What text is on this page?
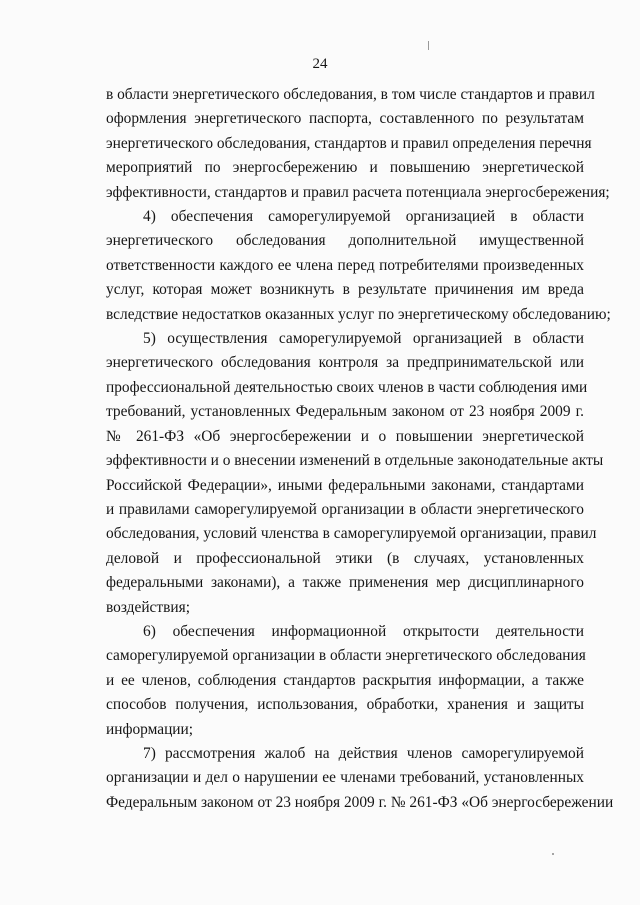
24

в области энергетического обследования, в том числе стандартов и правил
оформления энергетического паспорта, составленного по результатам
энергетического обследования, стандартов и правил определения перечня
мероприятий по энергосбережению и повышению энергетической
эффективности, стандартов и правил расчета потенциала энергосбережения;

4) обеспечения саморегулируемой организацией в области
энергетического обследования дополнительной имущественной
ответственности каждого ее члена перед потребителями произведенных
услуг, которая может возникнуть в результате причинения им вреда
вследствие недостатков оказанных услуг по энергетическому обследованию;

5) осуществления саморегулируемой организацией в области
энергетического обследования контроля за предпринимательской или
профессиональной деятельностью своих членов в части соблюдения ими
требований, установленных Федеральным законом от 23 ноября 2009 г.
№ 261-ФЗ «Об энергосбережении и о повышении энергетической
эффективности и о внесении изменений в отдельные законодательные акты
Российской Федерации», иными федеральными законами, стандартами
и правилами саморегулируемой организации в области энергетического
обследования, условий членства в саморегулируемой организации, правил
деловой и профессиональной этики (в случаях, установленных
федеральными законами), а также применения мер дисциплинарного
воздействия;

6) обеспечения информационной открытости деятельности
саморегулируемой организации в области энергетического обследования
и ее членов, соблюдения стандартов раскрытия информации, а также
способов получения, использования, обработки, хранения и защиты
информации;

7) рассмотрения жалоб на действия членов саморегулируемой
организации и дел о нарушении ее членами требований, установленных
Федеральным законом от 23 ноября 2009 г. № 261-ФЗ «Об энергосбережении
